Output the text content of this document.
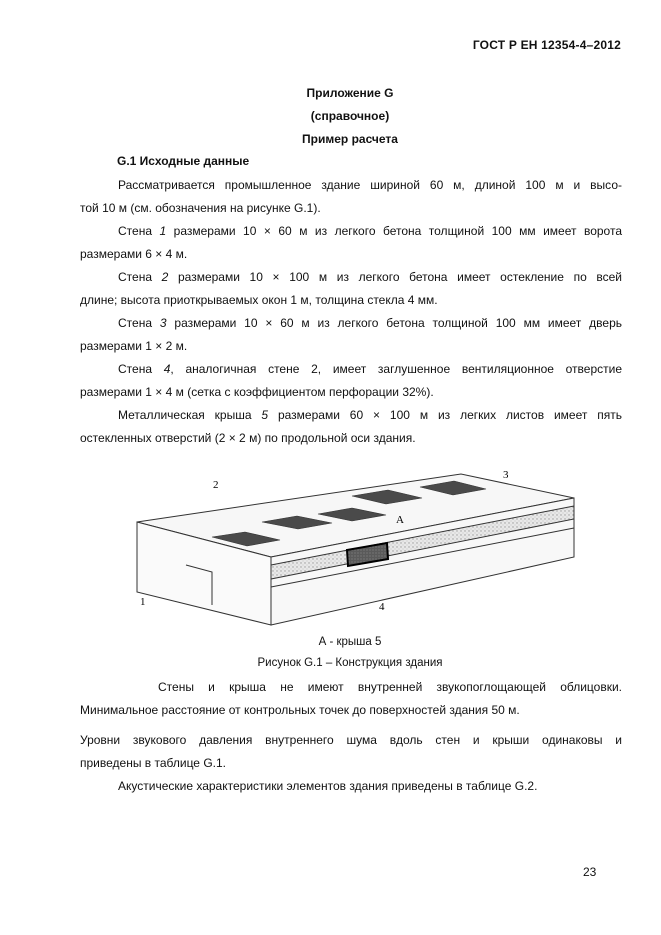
ГОСТ Р ЕН 12354-4–2012
Приложение G
(справочное)
Пример расчета
G.1 Исходные данные
Рассматривается промышленное здание шириной 60 м, длиной 100 м и высо-
той 10 м (см. обозначения на рисунке G.1).
Стена 1 размерами 10 × 60 м из легкого бетона толщиной 100 мм имеет ворота
размерами 6 × 4 м.
Стена 2 размерами 10 × 100 м из легкого бетона имеет остекление по всей
длине; высота приоткрываемых окон 1 м, толщина стекла 4 мм.
Стена 3 размерами 10 × 60 м из легкого бетона толщиной 100 мм имеет дверь
размерами 1 × 2 м.
Стена 4, аналогичная стене 2, имеет заглушенное вентиляционное отверстие
размерами 1 × 4 м (сетка с коэффициентом перфорации 32%).
Металлическая крыша 5 размерами 60 × 100 м из легких листов имеет пять
остекленных отверстий (2 × 2 м) по продольной оси здания.
2
3
A
1	4
А - крыша 5
Рисунок G.1 – Конструкция здания
Стены и крыша не имеют внутренней звукопоглощающей облицовки.
Минимальное расстояние от контрольных точек до поверхностей здания 50 м.
Уровни звукового давления внутреннего шума вдоль стен и крыши одинаковы и
приведены в таблице G.1.
Акустические характеристики элементов здания приведены в таблице G.2.
23
